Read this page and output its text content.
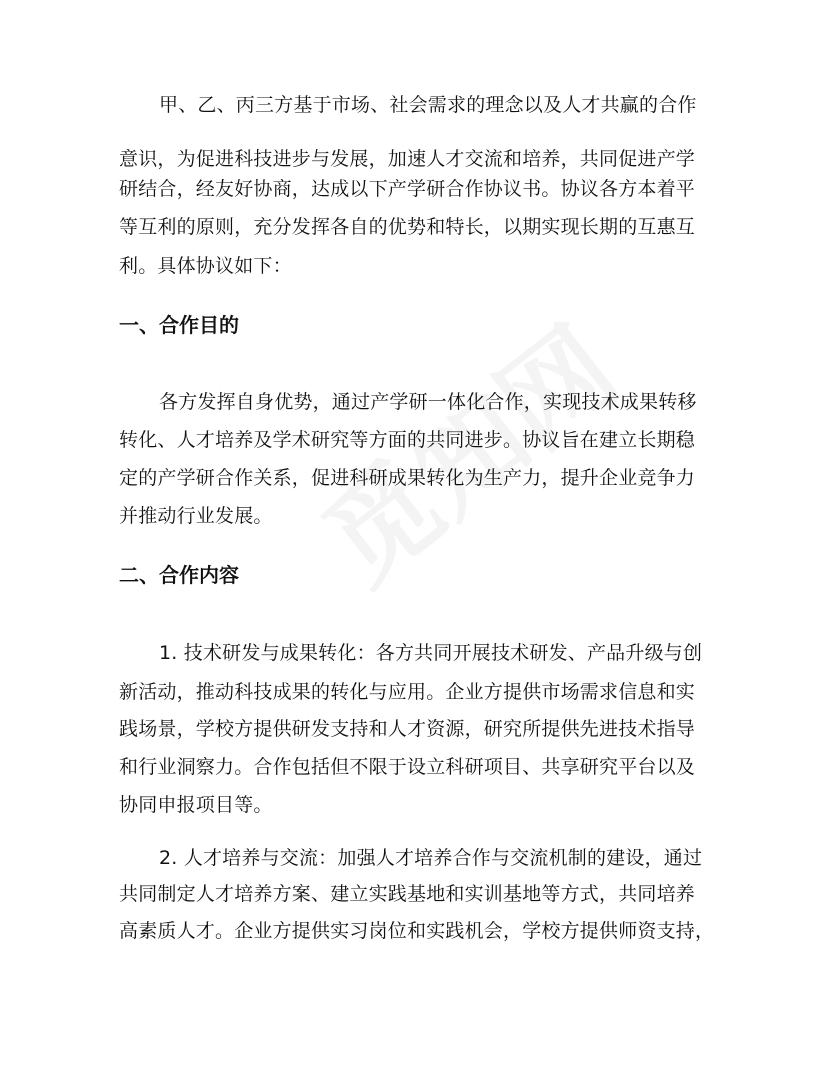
甲、乙、丙三方基于市场、社会需求的理念以及人才共赢的合作
意识，为促进科技进步与发展，加速人才交流和培养，共同促进产学
研结合，经友好协商，达成以下产学研合作协议书。协议各方本着平
等互利的原则，充分发挥各自的优势和特长，以期实现长期的互惠互
利。具体协议如下：
一、合作目的
各方发挥自身优势，通过产学研一体化合作，实现技术成果转移
转化、人才培养及学术研究等方面的共同进步。协议旨在建立长期稳
定的产学研合作关系，促进科研成果转化为生产力，提升企业竞争力
并推动行业发展。
二、合作内容
1. 技术研发与成果转化：各方共同开展技术研发、产品升级与创
新活动，推动科技成果的转化与应用。企业方提供市场需求信息和实
践场景，学校方提供研发支持和人才资源，研究所提供先进技术指导
和行业洞察力。合作包括但不限于设立科研项目、共享研究平台以及
协同申报项目等。
2. 人才培养与交流：加强人才培养合作与交流机制的建设，通过
共同制定人才培养方案、建立实践基地和实训基地等方式，共同培养
高素质人才。企业方提供实习岗位和实践机会，学校方提供师资支持，
